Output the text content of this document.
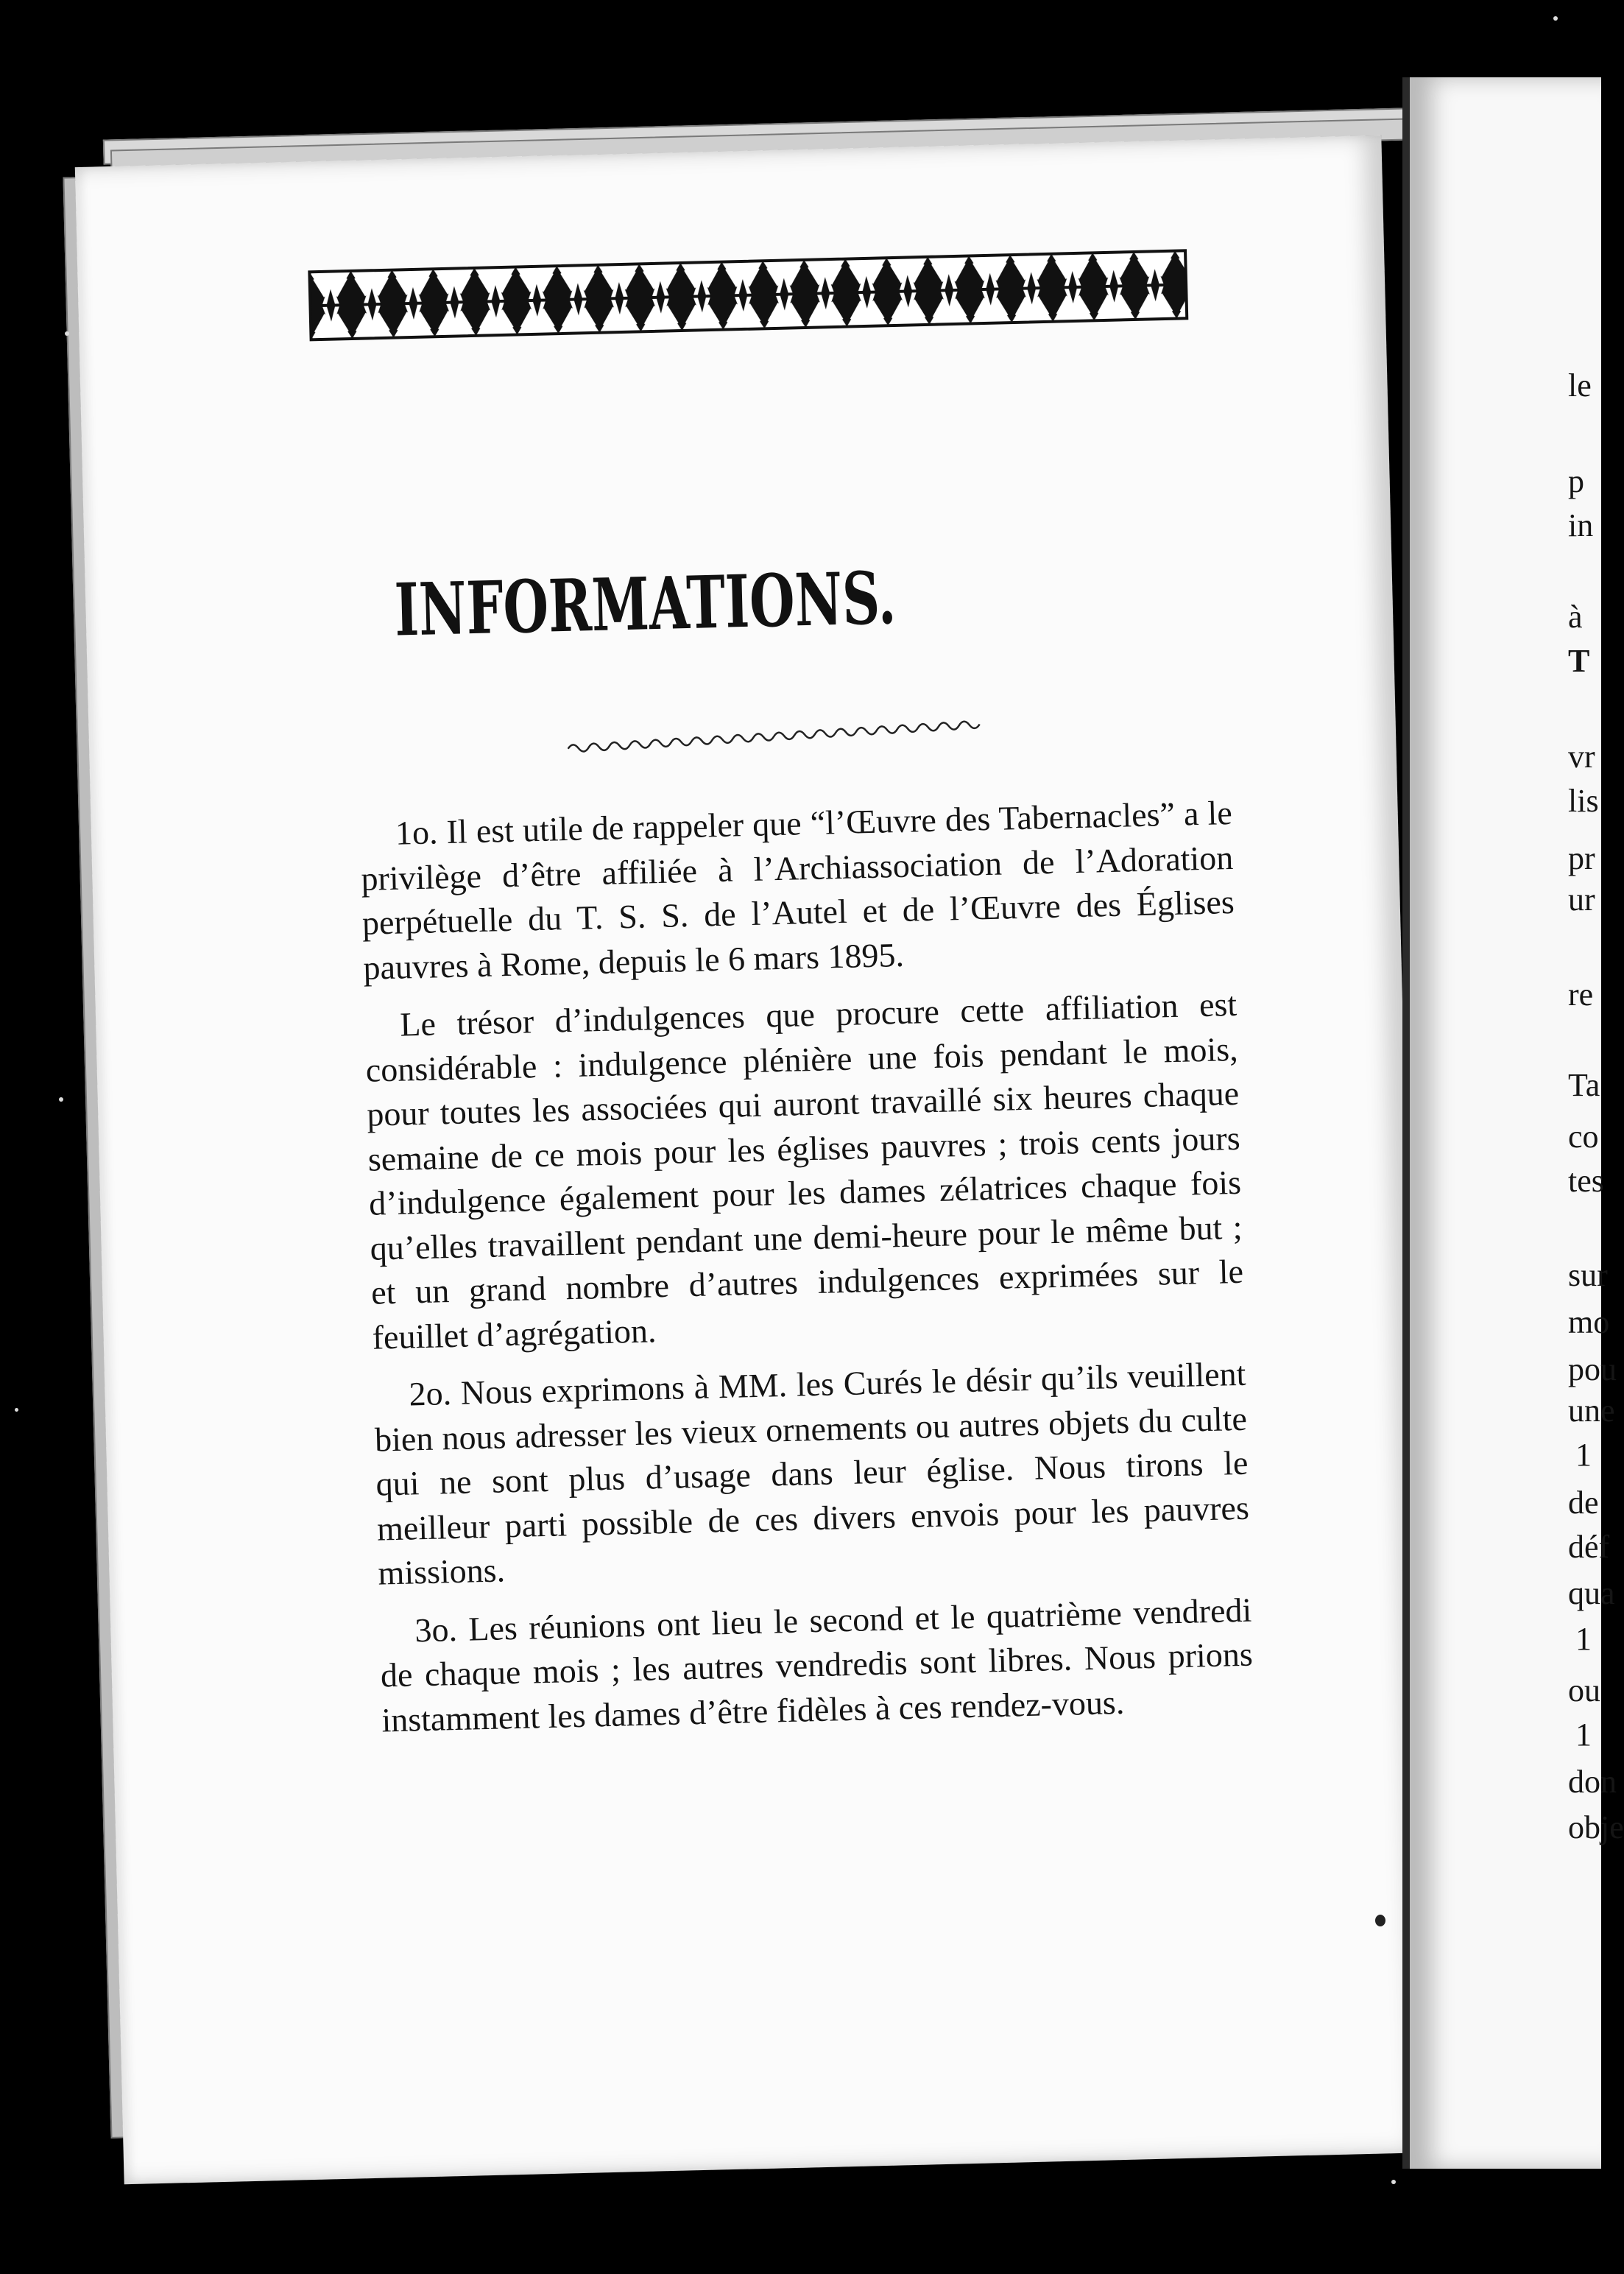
INFORMATIONS.

1o. Il est utile de rappeler que “l’Œuvre des Tabernacles” a le privilège d’être affiliée à l’Archiassociation de l’Adoration perpétuelle du T. S. S. de l’Autel et de l’Œuvre des Églises pauvres à Rome, depuis le 6 mars 1895.

Le trésor d’indulgences que procure cette affiliation est considérable : indulgence plénière une fois pendant le mois, pour toutes les associées qui auront travaillé six heures chaque semaine de ce mois pour les églises pauvres ; trois cents jours d’indulgence également pour les dames zélatrices chaque fois qu’elles travaillent pendant une demi-heure pour le même but ; et un grand nombre d’autres indulgences exprimées sur le feuillet d’agrégation.

2o. Nous exprimons à MM. les Curés le désir qu’ils veuillent bien nous adresser les vieux ornements ou autres objets du culte qui ne sont plus d’usage dans leur église. Nous tirons le meilleur parti possible de ces divers envois pour les pauvres missions.

3o. Les réunions ont lieu le second et le quatrième vendredi de chaque mois ; les autres vendredis sont libres. Nous prions instamment les dames d’être fidèles à ces rendez-vous.

le
p
in
à
T
vr
lis
pr
ur
re
Ta
co
tes
sur
mo
pou
une
1
de
déf
qua
1
ou
1
don
obje
